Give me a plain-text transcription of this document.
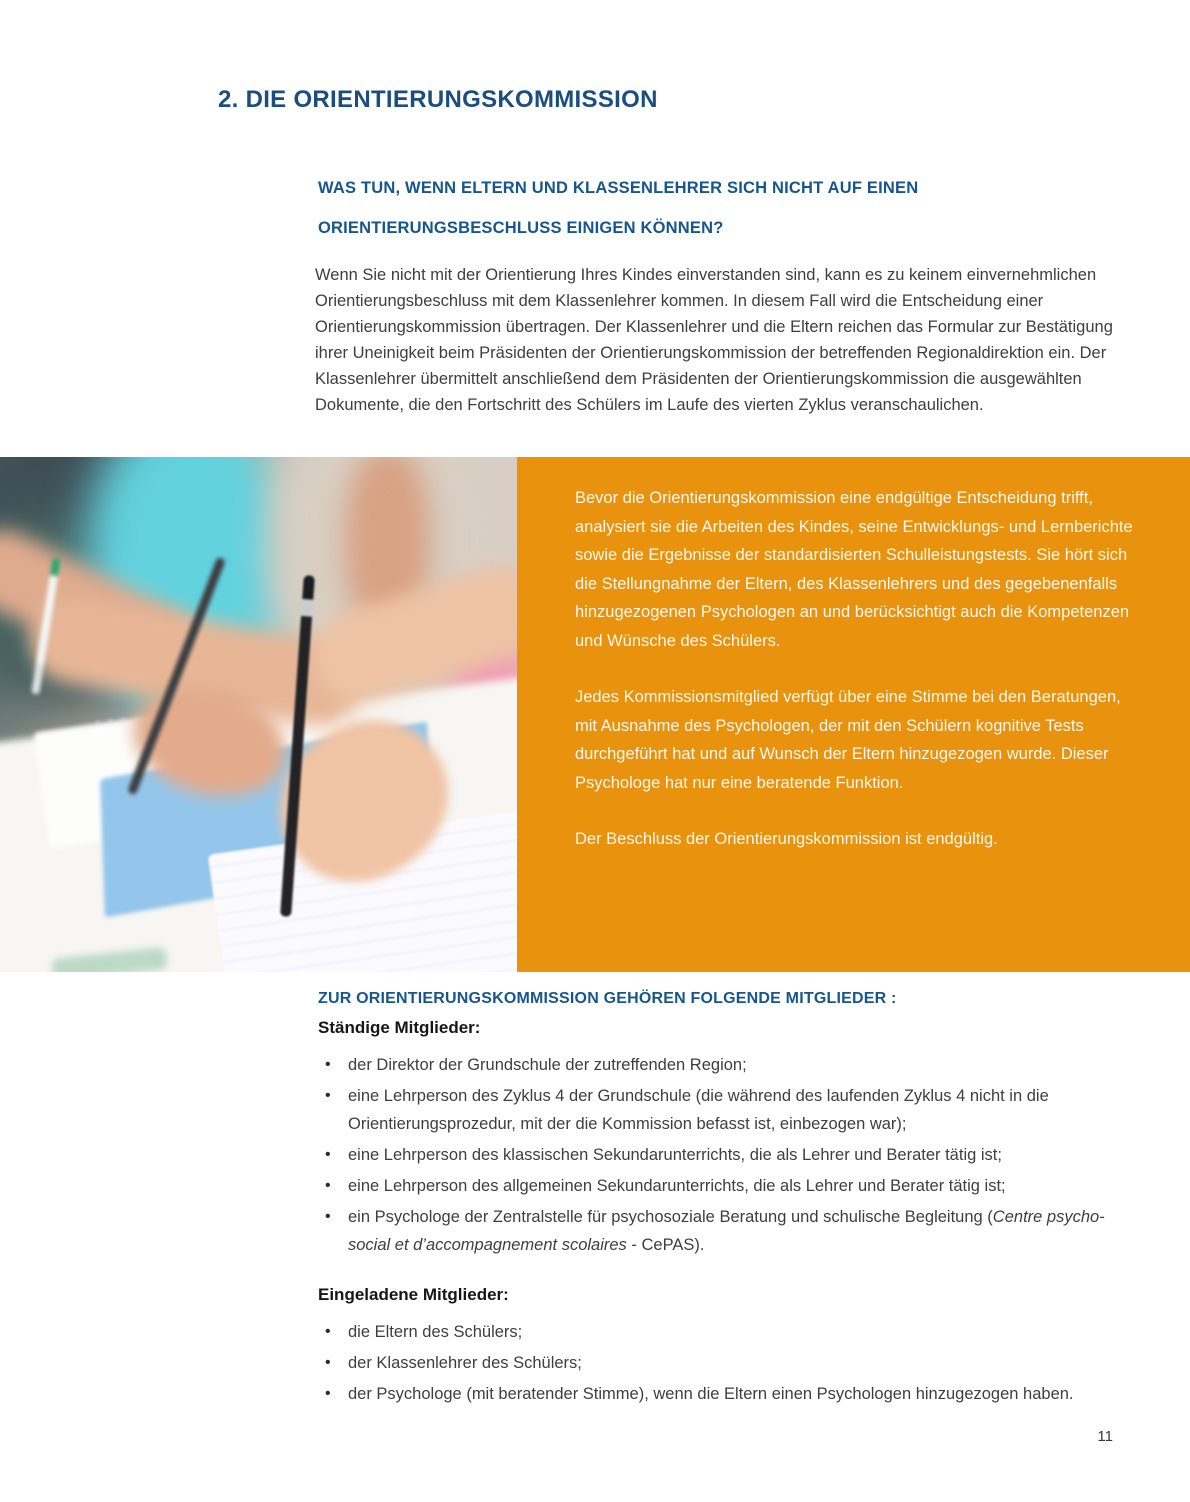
2. DIE ORIENTIERUNGSKOMMISSION
WAS TUN, WENN ELTERN UND KLASSENLEHRER SICH NICHT AUF EINEN
ORIENTIERUNGSBESCHLUSS EINIGEN KÖNNEN?

Wenn Sie nicht mit der Orientierung Ihres Kindes einverstanden sind, kann es zu keinem einvernehmlichen Orientierungsbeschluss mit dem Klassenlehrer kommen. In diesem Fall wird die Entscheidung einer Orientierungskommission übertragen. Der Klassenlehrer und die Eltern reichen das Formular zur Bestätigung ihrer Uneinigkeit beim Präsidenten der Orientierungskommission der betreffenden Regionaldirektion ein. Der Klassenlehrer übermittelt anschließend dem Präsidenten der Orientierungskommission die ausgewählten Dokumente, die den Fortschritt des Schülers im Laufe des vierten Zyklus veranschaulichen.

Bevor die Orientierungskommission eine endgültige Entscheidung trifft, analysiert sie die Arbeiten des Kindes, seine Entwicklungs- und Lernberichte sowie die Ergebnisse der standardisierten Schulleistungstests. Sie hört sich die Stellungnahme der Eltern, des Klassenlehrers und des gegebenenfalls hinzugezogenen Psychologen an und berücksichtigt auch die Kompetenzen und Wünsche des Schülers.

Jedes Kommissionsmitglied verfügt über eine Stimme bei den Beratungen, mit Ausnahme des Psychologen, der mit den Schülern kognitive Tests durchgeführt hat und auf Wunsch der Eltern hinzugezogen wurde. Dieser Psychologe hat nur eine beratende Funktion.

Der Beschluss der Orientierungskommission ist endgültig.

ZUR ORIENTIERUNGSKOMMISSION GEHÖREN FOLGENDE MITGLIEDER :
Ständige Mitglieder:
• der Direktor der Grundschule der zutreffenden Region;
• eine Lehrperson des Zyklus 4 der Grundschule (die während des laufenden Zyklus 4 nicht in die Orientierungsprozedur, mit der die Kommission befasst ist, einbezogen war);
• eine Lehrperson des klassischen Sekundarunterrichts, die als Lehrer und Berater tätig ist;
• eine Lehrperson des allgemeinen Sekundarunterrichts, die als Lehrer und Berater tätig ist;
• ein Psychologe der Zentralstelle für psychosoziale Beratung und schulische Begleitung (Centre psycho-social et d’accompagnement scolaires - CePAS).
Eingeladene Mitglieder:
• die Eltern des Schülers;
• der Klassenlehrer des Schülers;
• der Psychologe (mit beratender Stimme), wenn die Eltern einen Psychologen hinzugezogen haben.
11
